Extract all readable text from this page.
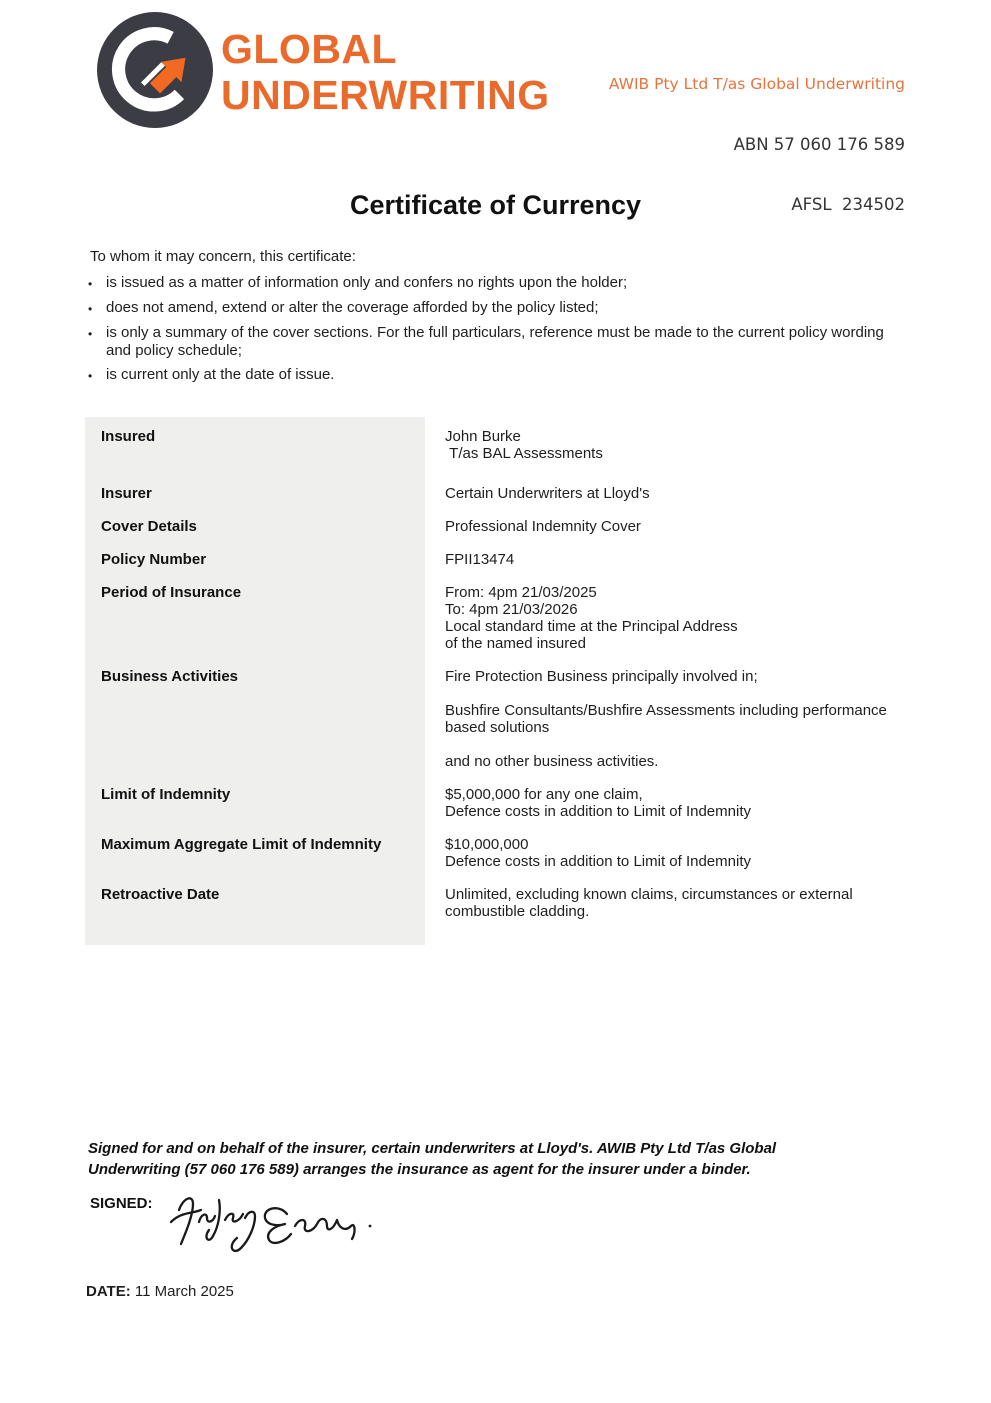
GLOBAL
UNDERWRITING

	AWIB Pty Ltd T/as Global Underwriting

ABN 57 060 176 589

AFSL  234502

Certificate of Currency
To whom it may concern, this certificate:
• is issued as a matter of information only and confers no rights upon the holder;
• does not amend, extend or alter the coverage afforded by the policy listed;
• is only a summary of the cover sections. For the full particulars, reference must be made to the current policy wording and policy schedule;
• is current only at the date of issue.
Insured	John Burke
T/as BAL Assessments
Insurer	Certain Underwriters at Lloyd's
Cover Details	Professional Indemnity Cover
Policy Number	FPII13474
Period of Insurance	From: 4pm 21/03/2025
To: 4pm 21/03/2026
Local standard time at the Principal Address
of the named insured
Business Activities	Fire Protection Business principally involved in;
Bushfire Consultants/Bushfire Assessments including performance based solutions
and no other business activities.
Limit of Indemnity	$5,000,000 for any one claim,
Defence costs in addition to Limit of Indemnity
Maximum Aggregate Limit of Indemnity	$10,000,000
Defence costs in addition to Limit of Indemnity
Retroactive Date	Unlimited, excluding known claims, circumstances or external combustible cladding.
Signed for and on behalf of the insurer, certain underwriters at Lloyd's. AWIB Pty Ltd T/as Global Underwriting (57 060 176 589) arranges the insurance as agent for the insurer under a binder.
SIGNED:
DATE: 11 March 2025
